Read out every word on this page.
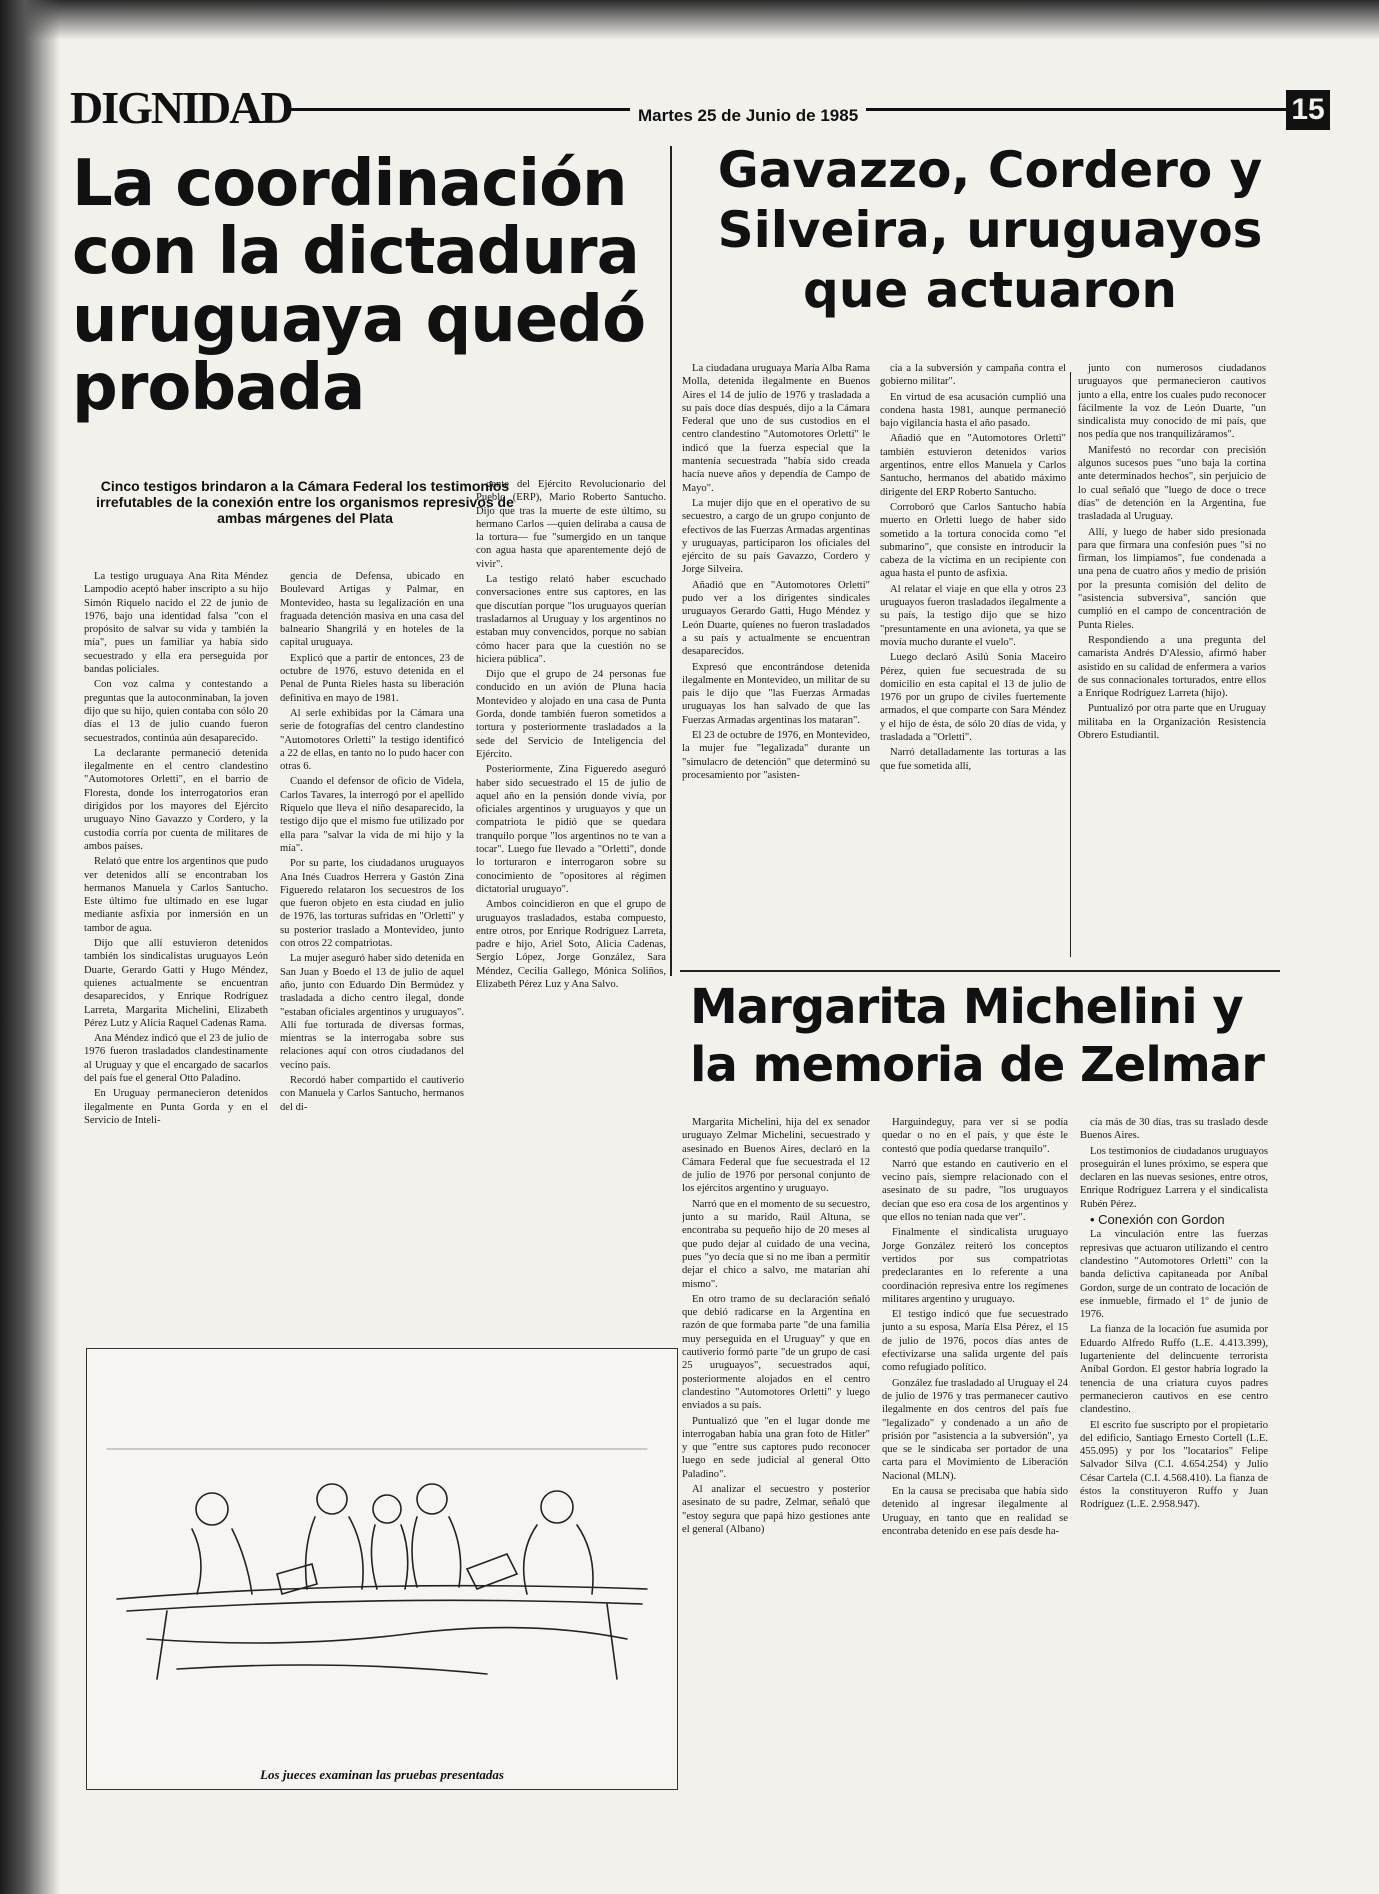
DIGNIDAD	Martes 25 de Junio de 1985	15
La coordinación con la dictadura uruguaya quedó probada
Cinco testigos brindaron a la Cámara Federal los testimonios irrefutables de la conexión entre los organismos represivos de ambas márgenes del Plata

La testigo uruguaya Ana Rita Méndez Lampodio aceptó haber inscripto a su hijo Simón Riquelo nacido el 22 de junio de 1976, bajo una identidad falsa "con el propósito de salvar su vida y también la mía", pues un familiar ya había sido secuestrado y ella era perseguida por bandas policiales.

Con voz calma y contestando a preguntas que la autoconminaban, la joven dijo que su hijo, quien contaba con sólo 20 días el 13 de julio cuando fueron secuestrados, continúa aún desaparecido.

La declarante permaneció detenida ilegalmente en el centro clandestino "Automotores Orletti", en el barrio de Floresta, donde los interrogatorios eran dirigidos por los mayores del Ejército uruguayo Nino Gavazzo y Cordero, y la custodia corría por cuenta de militares de ambos países.

Relató que entre los argentinos que pudo ver detenidos allí se encontraban los hermanos Manuela y Carlos Santucho. Este último fue ultimado en ese lugar mediante asfixia por inmersión en un tambor de agua.

Dijo que allí estuvieron detenidos también los sindicalistas uruguayos León Duarte, Gerardo Gatti y Hugo Méndez, quienes actualmente se encuentran desaparecidos, y Enrique Rodríguez Larreta, Margarita Michelini, Elizabeth Pérez Lutz y Alicia Raquel Cadenas Rama.

Ana Méndez indicó que el 23 de julio de 1976 fueron trasladados clandestinamente al Uruguay y que el encargado de sacarlos del país fue el general Otto Paladino.

En Uruguay permanecieron detenidos ilegalmente en Punta Gorda y en el Servicio de Inteli-

gencia de Defensa, ubicado en Boulevard Artigas y Palmar, en Montevideo, hasta su legalización en una fraguada detención masiva en una casa del balneario Shangrilá y en hoteles de la capital uruguaya.

Explicó que a partir de entonces, 23 de octubre de 1976, estuvo detenida en el Penal de Punta Rieles hasta su liberación definitiva en mayo de 1981.

Al serle exhibidas por la Cámara una serie de fotografías del centro clandestino "Automotores Orletti" la testigo identificó a 22 de ellas, en tanto no lo pudo hacer con otras 6.

Cuando el defensor de oficio de Videla, Carlos Tavares, la interrogó por el apellido Riquelo que lleva el niño desaparecido, la testigo dijo que el mismo fue utilizado por ella para "salvar la vida de mi hijo y la mía".

Por su parte, los ciudadanos uruguayos Ana Inés Cuadros Herrera y Gastón Zina Figueredo relataron los secuestros de los que fueron objeto en esta ciudad en julio de 1976, las torturas sufridas en "Orletti" y su posterior traslado a Montevideo, junto con otros 22 compatriotas.

La mujer aseguró haber sido detenida en San Juan y Boedo el 13 de julio de aquel año, junto con Eduardo Din Bermúdez y trasladada a dicho centro ilegal, donde "estaban oficiales argentinos y uruguayos". Allí fue torturada de diversas formas, mientras se la interrogaba sobre sus relaciones aquí con otros ciudadanos del vecino país.

Recordó haber compartido el cautiverio con Manuela y Carlos Santucho, hermanos del di-

gente del Ejército Revolucionario del Pueblo (ERP), Mario Roberto Santucho. Dijo que tras la muerte de este último, su hermano Carlos —quien deliraba a causa de la tortura— fue "sumergido en un tanque con agua hasta que aparentemente dejó de vivir".

La testigo relató haber escuchado conversaciones entre sus captores, en las que discutían porque "los uruguayos querían trasladarnos al Uruguay y los argentinos no estaban muy convencidos, porque no sabían cómo hacer para que la cuestión no se hiciera pública".

Dijo que el grupo de 24 personas fue conducido en un avión de Pluna hacia Montevideo y alojado en una casa de Punta Gorda, donde también fueron sometidos a tortura y posteriormente trasladados a la sede del Servicio de Inteligencia del Ejército.

Posteriormente, Zina Figueredo aseguró haber sido secuestrado el 15 de julio de aquel año en la pensión donde vivía, por oficiales argentinos y uruguayos y que un compatriota le pidió que se quedara tranquilo porque "los argentinos no te van a tocar". Luego fue llevado a "Orletti", donde lo torturaron e interrogaron sobre su conocimiento de "opositores al régimen dictatorial uruguayo".

Ambos coincidieron en que el grupo de uruguayos trasladados, estaba compuesto, entre otros, por Enrique Rodríguez Larreta, padre e hijo, Ariel Soto, Alicia Cadenas, Sergio López, Jorge González, Sara Méndez, Cecilia Gallego, Mónica Soliños, Elizabeth Pérez Luz y Ana Salvo.

Los jueces examinan las pruebas presentadas
Gavazzo, Cordero y Silveira, uruguayos que actuaron

La ciudadana uruguaya María Alba Rama Molla, detenida ilegalmente en Buenos Aires el 14 de julio de 1976 y trasladada a su país doce días después, dijo a la Cámara Federal que uno de sus custodios en el centro clandestino "Automotores Orletti" le indicó que la fuerza especial que la mantenía secuestrada "había sido creada hacía nueve años y dependía de Campo de Mayo".

La mujer dijo que en el operativo de su secuestro, a cargo de un grupo conjunto de efectivos de las Fuerzas Armadas argentinas y uruguayas, participaron los oficiales del ejército de su país Gavazzo, Cordero y Jorge Silveira.

Añadió que en "Automotores Orletti" pudo ver a los dirigentes sindicales uruguayos Gerardo Gatti, Hugo Méndez y León Duarte, quienes no fueron trasladados a su país y actualmente se encuentran desaparecidos.

Expresó que encontrándose detenida ilegalmente en Montevideo, un militar de su país le dijo que "las Fuerzas Armadas uruguayas los han salvado de que las Fuerzas Armadas argentinas los mataran".

El 23 de octubre de 1976, en Montevideo, la mujer fue "legalizada" durante un "simulacro de detención" que determinó su procesamiento por "asisten-

cia a la subversión y campaña contra el gobierno militar".

En virtud de esa acusación cumplió una condena hasta 1981, aunque permaneció bajo vigilancia hasta el año pasado.

Añadió que en "Automotores Orletti" también estuvieron detenidos varios argentinos, entre ellos Manuela y Carlos Santucho, hermanos del abatido máximo dirigente del ERP Roberto Santucho.

Corroboró que Carlos Santucho había muerto en Orletti luego de haber sido sometido a la tortura conocida como "el submarino", que consiste en introducir la cabeza de la víctima en un recipiente con agua hasta el punto de asfixia.

Al relatar el viaje en que ella y otros 23 uruguayos fueron trasladados ilegalmente a su país, la testigo dijo que se hizo "presuntamente en una avioneta, ya que se movía mucho durante el vuelo".

Luego declaró Asilú Sonia Maceiro Pérez, quien fue secuestrada de su domicilio en esta capital el 13 de julio de 1976 por un grupo de civiles fuertemente armados, el que comparte con Sara Méndez y el hijo de ésta, de sólo 20 días de vida, y trasladada a "Orletti".

Narró detalladamente las torturas a las que fue sometida allí,

junto con numerosos ciudadanos uruguayos que permanecieron cautivos junto a ella, entre los cuales pudo reconocer fácilmente la voz de León Duarte, "un sindicalista muy conocido de mi país, que nos pedía que nos tranquilizáramos".

Manifestó no recordar con precisión algunos sucesos pues "uno baja la cortina ante determinados hechos", sin perjuicio de lo cual señaló que "luego de doce o trece días" de detención en la Argentina, fue trasladada al Uruguay.

Allí, y luego de haber sido presionada para que firmara una confesión pues "si no firman, los limpiamos", fue condenada a una pena de cuatro años y medio de prisión por la presunta comisión del delito de "asistencia subversiva", sanción que cumplió en el campo de concentración de Punta Rieles.

Respondiendo a una pregunta del camarista Andrés D'Alessio, afirmó haber asistido en su calidad de enfermera a varios de sus connacionales torturados, entre ellos a Enrique Rodríguez Larreta (hijo).

Puntualizó por otra parte que en Uruguay militaba en la Organización Resistencia Obrero Estudiantil.

Margarita Michelini y la memoria de Zelmar

Margarita Michelini, hija del ex senador uruguayo Zelmar Michelini, secuestrado y asesinado en Buenos Aires, declaró en la Cámara Federal que fue secuestrada el 12 de julio de 1976 por personal conjunto de los ejércitos argentino y uruguayo.

Narró que en el momento de su secuestro, junto a su marido, Raúl Altuna, se encontraba su pequeño hijo de 20 meses al que pudo dejar al cuidado de una vecina, pues "yo decía que si no me iban a permitir dejar el chico a salvo, me matarían ahí mismo".

En otro tramo de su declaración señaló que debió radicarse en la Argentina en razón de que formaba parte "de una familia muy perseguida en el Uruguay" y que en cautiverio formó parte "de un grupo de casi 25 uruguayos", secuestrados aquí, posteriormente alojados en el centro clandestino "Automotores Orletti" y luego enviados a su país.

Puntualizó que "en el lugar donde me interrogaban había una gran foto de Hitler" y que "entre sus captores pudo reconocer luego en sede judicial al general Otto Paladino".

Al analizar el secuestro y posterior asesinato de su padre, Zelmar, señaló que "estoy segura que papá hizo gestiones ante el general (Albano)

Harguindeguy, para ver si se podía quedar o no en el país, y que éste le contestó que podía quedarse tranquilo".

Narró que estando en cautiverio en el vecino país, siempre relacionado con el asesinato de su padre, "los uruguayos decían que eso era cosa de los argentinos y que ellos no tenían nada que ver".

Finalmente el sindicalista uruguayo Jorge González reiteró los conceptos vertidos por sus compatriotas predeclarantes en lo referente a una coordinación represiva entre los regímenes militares argentino y uruguayo.

El testigo indicó que fue secuestrado junto a su esposa, María Elsa Pérez, el 15 de julio de 1976, pocos días antes de efectivizarse una salida urgente del país como refugiado político.

González fue trasladado al Uruguay el 24 de julio de 1976 y tras permanecer cautivo ilegalmente en dos centros del país fue "legalizado" y condenado a un año de prisión por "asistencia a la subversión", ya que se le sindicaba ser portador de una carta para el Movimiento de Liberación Nacional (MLN).

En la causa se precisaba que había sido detenido al ingresar ilegalmente al Uruguay, en tanto que en realidad se encontraba detenido en ese país desde ha-

cía más de 30 días, tras su traslado desde Buenos Aires.

Los testimonios de ciudadanos uruguayos proseguirán el lunes próximo, se espera que declaren en las nuevas sesiones, entre otros, Enrique Rodríguez Larrera y el sindicalista Rubén Pérez.

• Conexión con Gordon

La vinculación entre las fuerzas represivas que actuaron utilizando el centro clandestino "Automotores Orletti" con la banda delictiva capitaneada por Aníbal Gordon, surge de un contrato de locación de ese inmueble, firmado el 1º de junio de 1976.

La fianza de la locación fue asumida por Eduardo Alfredo Ruffo (L.E. 4.413.399), lugarteniente del delincuente terrorista Aníbal Gordon. El gestor habría logrado la tenencia de una criatura cuyos padres permanecieron cautivos en ese centro clandestino.

El escrito fue suscripto por el propietario del edificio, Santiago Ernesto Cortell (L.E. 455.095) y por los "locatarios" Felipe Salvador Silva (C.I. 4.654.254) y Julio César Cartela (C.I. 4.568.410). La fianza de éstos la constituyeron Ruffo y Juan Rodríguez (L.E. 2.958.947).
